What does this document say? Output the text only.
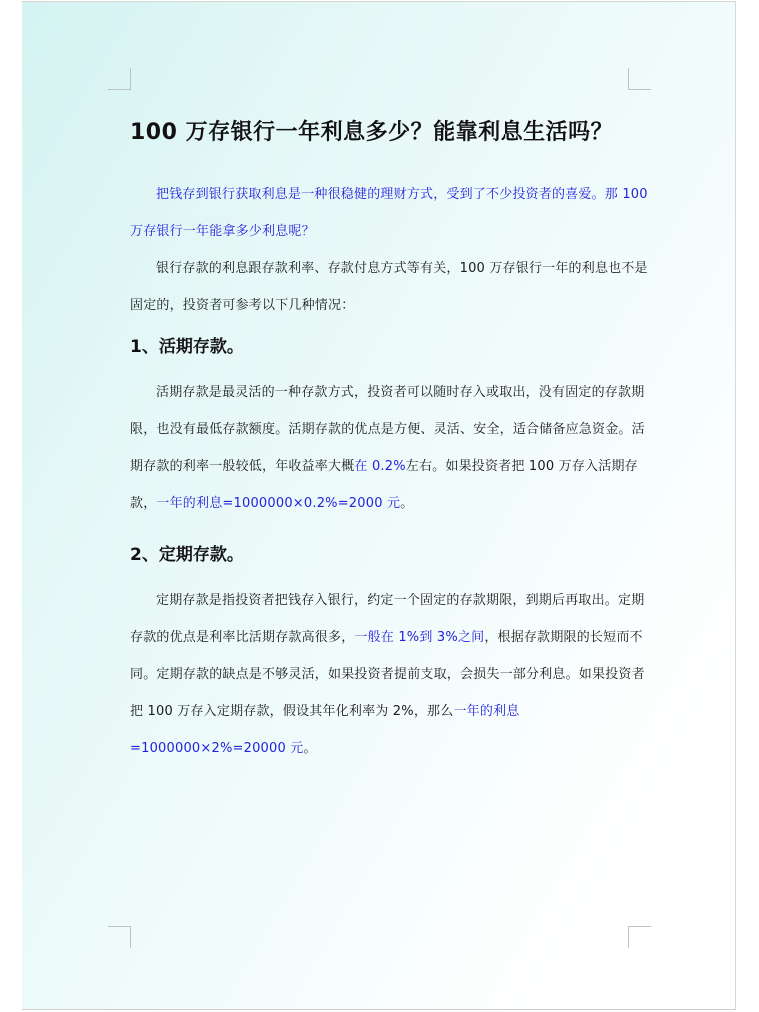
100 万存银行一年利息多少？能靠利息生活吗？

把钱存到银行获取利息是一种很稳健的理财方式，受到了不少投资者的喜爱。那 100 万存银行一年能拿多少利息呢？

银行存款的利息跟存款利率、存款付息方式等有关，100 万存银行一年的利息也不是固定的，投资者可参考以下几种情况：

1、活期存款。

活期存款是最灵活的一种存款方式，投资者可以随时存入或取出，没有固定的存款期限，也没有最低存款额度。活期存款的优点是方便、灵活、安全，适合储备应急资金。活期存款的利率一般较低，年收益率大概在 0.2%左右。如果投资者把 100 万存入活期存款，一年的利息=1000000×0.2%=2000 元。

2、定期存款。

定期存款是指投资者把钱存入银行，约定一个固定的存款期限，到期后再取出。定期存款的优点是利率比活期存款高很多，一般在 1%到 3%之间，根据存款期限的长短而不同。定期存款的缺点是不够灵活，如果投资者提前支取，会损失一部分利息。如果投资者把 100 万存入定期存款，假设其年化利率为 2%，那么一年的利息=1000000×2%=20000 元。
